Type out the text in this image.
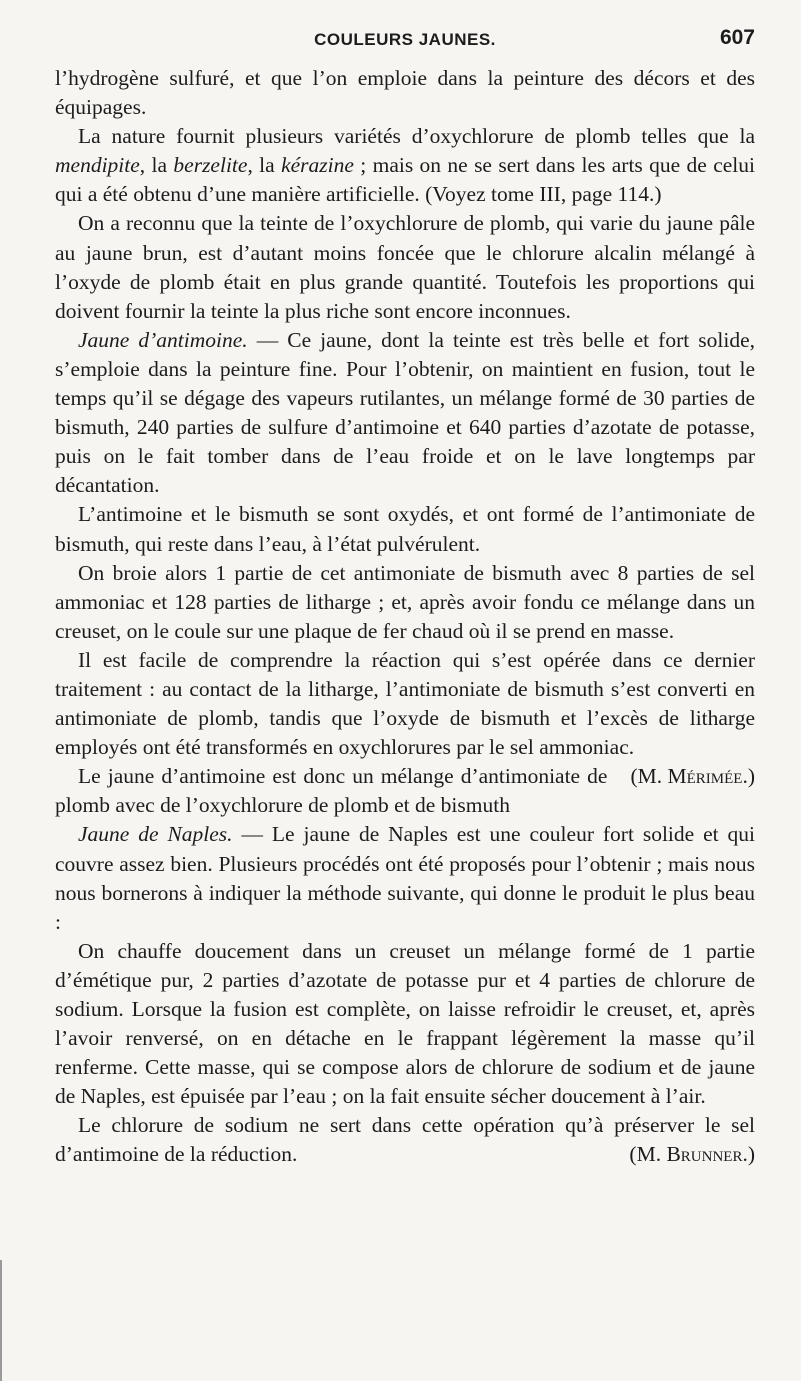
COULEURS JAUNES.	607

l’hydrogène sulfuré, et que l’on emploie dans la peinture des décors et des équipages.

La nature fournit plusieurs variétés d’oxychlorure de plomb telles que la mendipite, la berzelite, la kérazine ; mais on ne se sert dans les arts que de celui qui a été obtenu d’une manière artificielle. (Voyez tome III, page 114.)

On a reconnu que la teinte de l’oxychlorure de plomb, qui varie du jaune pâle au jaune brun, est d’autant moins foncée que le chlorure alcalin mélangé à l’oxyde de plomb était en plus grande quantité. Toutefois les proportions qui doivent fournir la teinte la plus riche sont encore inconnues.

Jaune d’antimoine. — Ce jaune, dont la teinte est très belle et fort solide, s’emploie dans la peinture fine. Pour l’obtenir, on maintient en fusion, tout le temps qu’il se dégage des vapeurs rutilantes, un mélange formé de 30 parties de bismuth, 240 parties de sulfure d’antimoine et 640 parties d’azotate de potasse, puis on le fait tomber dans de l’eau froide et on le lave longtemps par décantation.

L’antimoine et le bismuth se sont oxydés, et ont formé de l’antimoniate de bismuth, qui reste dans l’eau, à l’état pulvérulent.

On broie alors 1 partie de cet antimoniate de bismuth avec 8 parties de sel ammoniac et 128 parties de litharge ; et, après avoir fondu ce mélange dans un creuset, on le coule sur une plaque de fer chaud où il se prend en masse.

Il est facile de comprendre la réaction qui s’est opérée dans ce dernier traitement : au contact de la litharge, l’antimoniate de bismuth s’est converti en antimoniate de plomb, tandis que l’oxyde de bismuth et l’excès de litharge employés ont été transformés en oxychlorures par le sel ammoniac.
(M. Mérimée.)

Le jaune d’antimoine est donc un mélange d’antimoniate de plomb avec de l’oxychlorure de plomb et de bismuth

Jaune de Naples. — Le jaune de Naples est une couleur fort solide et qui couvre assez bien. Plusieurs procédés ont été proposés pour l’obtenir ; mais nous nous bornerons à indiquer la méthode suivante, qui donne le produit le plus beau :

On chauffe doucement dans un creuset un mélange formé de 1 partie d’émétique pur, 2 parties d’azotate de potasse pur et 4 parties de chlorure de sodium. Lorsque la fusion est complète, on laisse refroidir le creuset, et, après l’avoir renversé, on en détache en le frappant légèrement la masse qu’il renferme. Cette masse, qui se compose alors de chlorure de sodium et de jaune de Naples, est épuisée par l’eau ; on la fait ensuite sécher doucement à l’air.

Le chlorure de sodium ne sert dans cette opération qu’à préserver le sel d’antimoine de la réduction.	(M. Brunner.)
